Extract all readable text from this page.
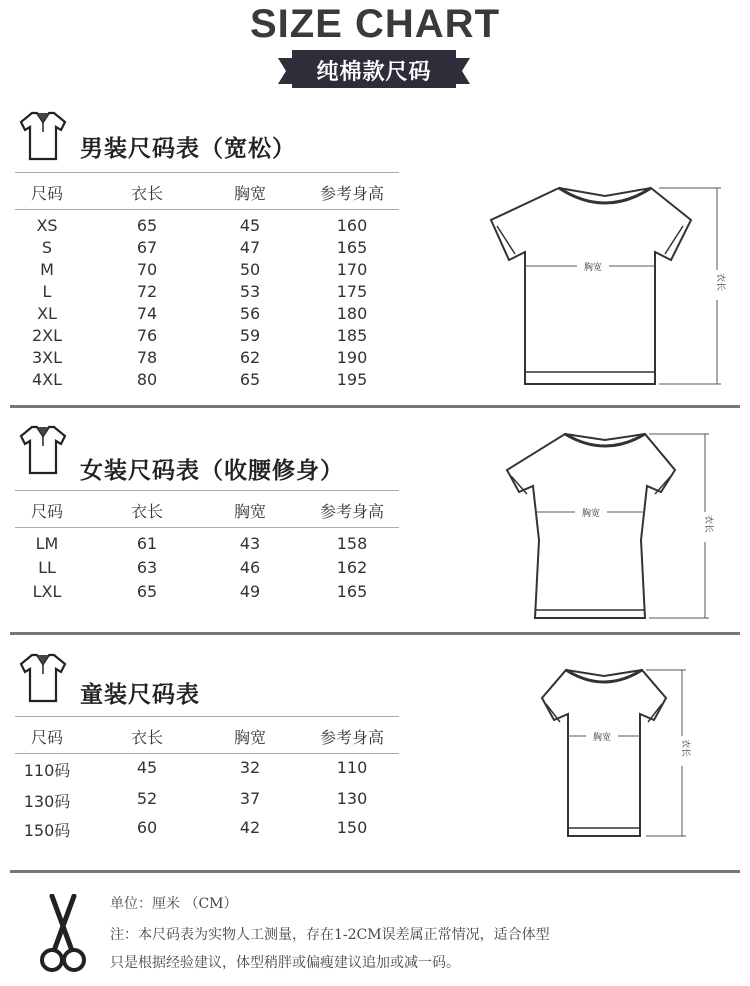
SIZE CHART
纯棉款尺码
男装尺码表（宽松）
尺码	衣长	胸宽	参考身高
XS	65	45	160
S	67	47	165
M	70	50	170
L	72	53	175
XL	74	56	180
2XL	76	59	185
3XL	78	62	190
4XL	80	65	195
胸宽
衣长
女装尺码表（收腰修身）
尺码	衣长	胸宽	参考身高
LM	61	43	158
LL	63	46	162
LXL	65	49	165
胸宽
衣长
童装尺码表
尺码	衣长	胸宽	参考身高
110码	45	32	110
130码	52	37	130
150码	60	42	150
胸宽
衣长
单位：厘米 （CM）
注：本尺码表为实物人工测量，存在1-2CM误差属正常情况，适合体型
只是根据经验建议，体型稍胖或偏瘦建议追加或减一码。
